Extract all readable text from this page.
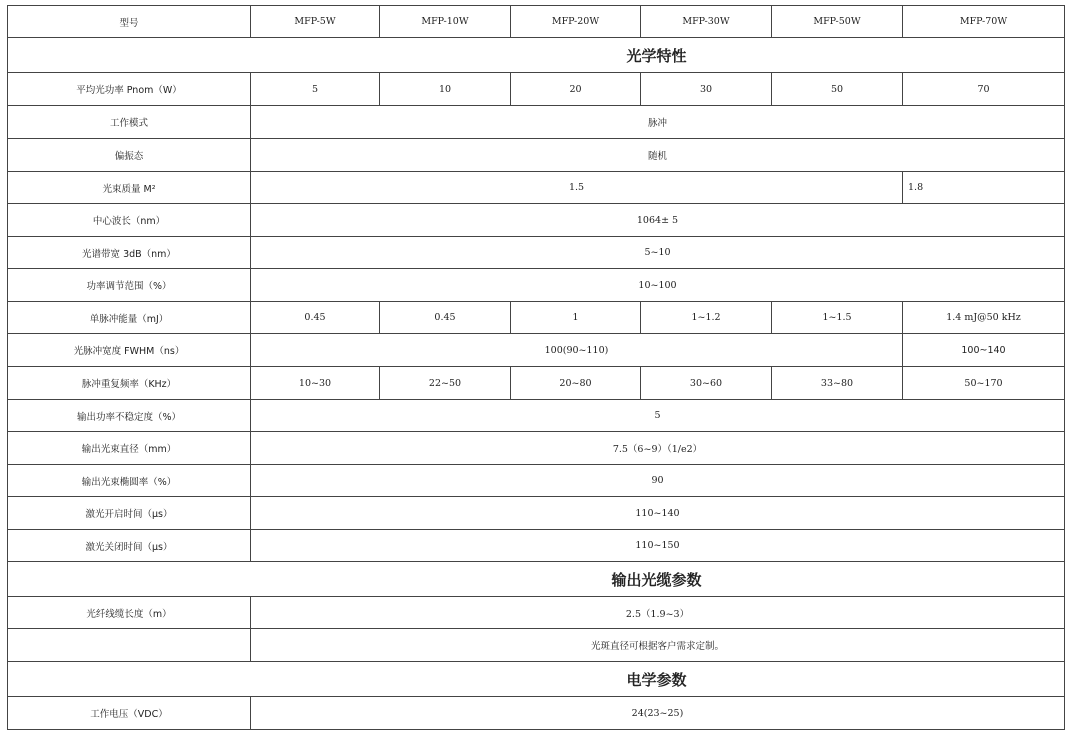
型号	MFP-5W	MFP-10W	MFP-20W	MFP-30W	MFP-50W	MFP-70W
光学特性						
平均光功率 Pnom（W）	5	10	20	30	50	70
工作模式	脉冲					
偏振态	随机					
光束质量 M²	1.5					1.8
中心波长（nm）	1064± 5					
光谱带宽 3dB（nm）	5~10					
功率调节范围（%）	10~100					
单脉冲能量（mJ）	0.45	0.45	1	1~1.2	1~1.5	1.4 mJ@50 kHz
光脉冲宽度 FWHM（ns）	100(90~110)					100~140
脉冲重复频率（KHz）	10~30	22~50	20~80	30~60	33~80	50~170
输出功率不稳定度（%）	5					
输出光束直径（mm）	7.5（6~9）（1/e2）					
输出光束椭圆率（%）	90					
激光开启时间（μs）	110~140					
激光关闭时间（μs）	110~150					
输出光缆参数						
光纤线缆长度（m）	2.5（1.9~3）					
	光斑直径可根据客户需求定制。					
电学参数						
工作电压（VDC）	24(23~25)					
